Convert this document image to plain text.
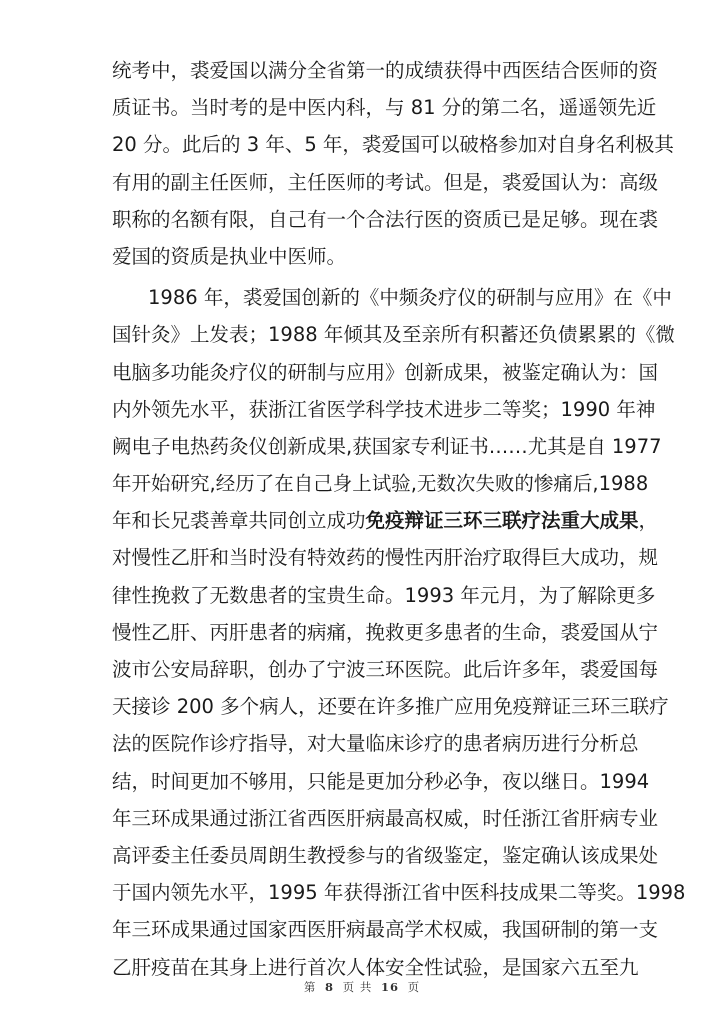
统考中，裘爱国以满分全省第一的成绩获得中西医结合医师的资
质证书。当时考的是中医内科，与 81 分的第二名，遥遥领先近
20 分。此后的 3 年、5 年，裘爱国可以破格参加对自身名利极其
有用的副主任医师，主任医师的考试。但是，裘爱国认为：高级
职称的名额有限，自己有一个合法行医的资质已是足够。现在裘
爱国的资质是执业中医师。
1986 年，裘爱国创新的《中频灸疗仪的研制与应用》在《中
国针灸》上发表；1988 年倾其及至亲所有积蓄还负债累累的《微
电脑多功能灸疗仪的研制与应用》创新成果，被鉴定确认为：国
内外领先水平，获浙江省医学科学技术进步二等奖；1990 年神
阙电子电热药灸仪创新成果,获国家专利证书……尤其是自 1977
年开始研究,经历了在自己身上试验,无数次失败的惨痛后,1988
年和长兄裘善章共同创立成功免疫辩证三环三联疗法重大成果，
对慢性乙肝和当时没有特效药的慢性丙肝治疗取得巨大成功，规
律性挽救了无数患者的宝贵生命。1993 年元月，为了解除更多
慢性乙肝、丙肝患者的病痛，挽救更多患者的生命，裘爱国从宁
波市公安局辞职，创办了宁波三环医院。此后许多年，裘爱国每
天接诊 200 多个病人，还要在许多推广应用免疫辩证三环三联疗
法的医院作诊疗指导，对大量临床诊疗的患者病历进行分析总
结，时间更加不够用，只能是更加分秒必争，夜以继日。1994
年三环成果通过浙江省西医肝病最高权威，时任浙江省肝病专业
高评委主任委员周朗生教授参与的省级鉴定，鉴定确认该成果处
于国内领先水平，1995 年获得浙江省中医科技成果二等奖。1998
年三环成果通过国家西医肝病最高学术权威，我国研制的第一支
乙肝疫苗在其身上进行首次人体安全性试验，是国家六五至九
第 8 页 共 16 页
